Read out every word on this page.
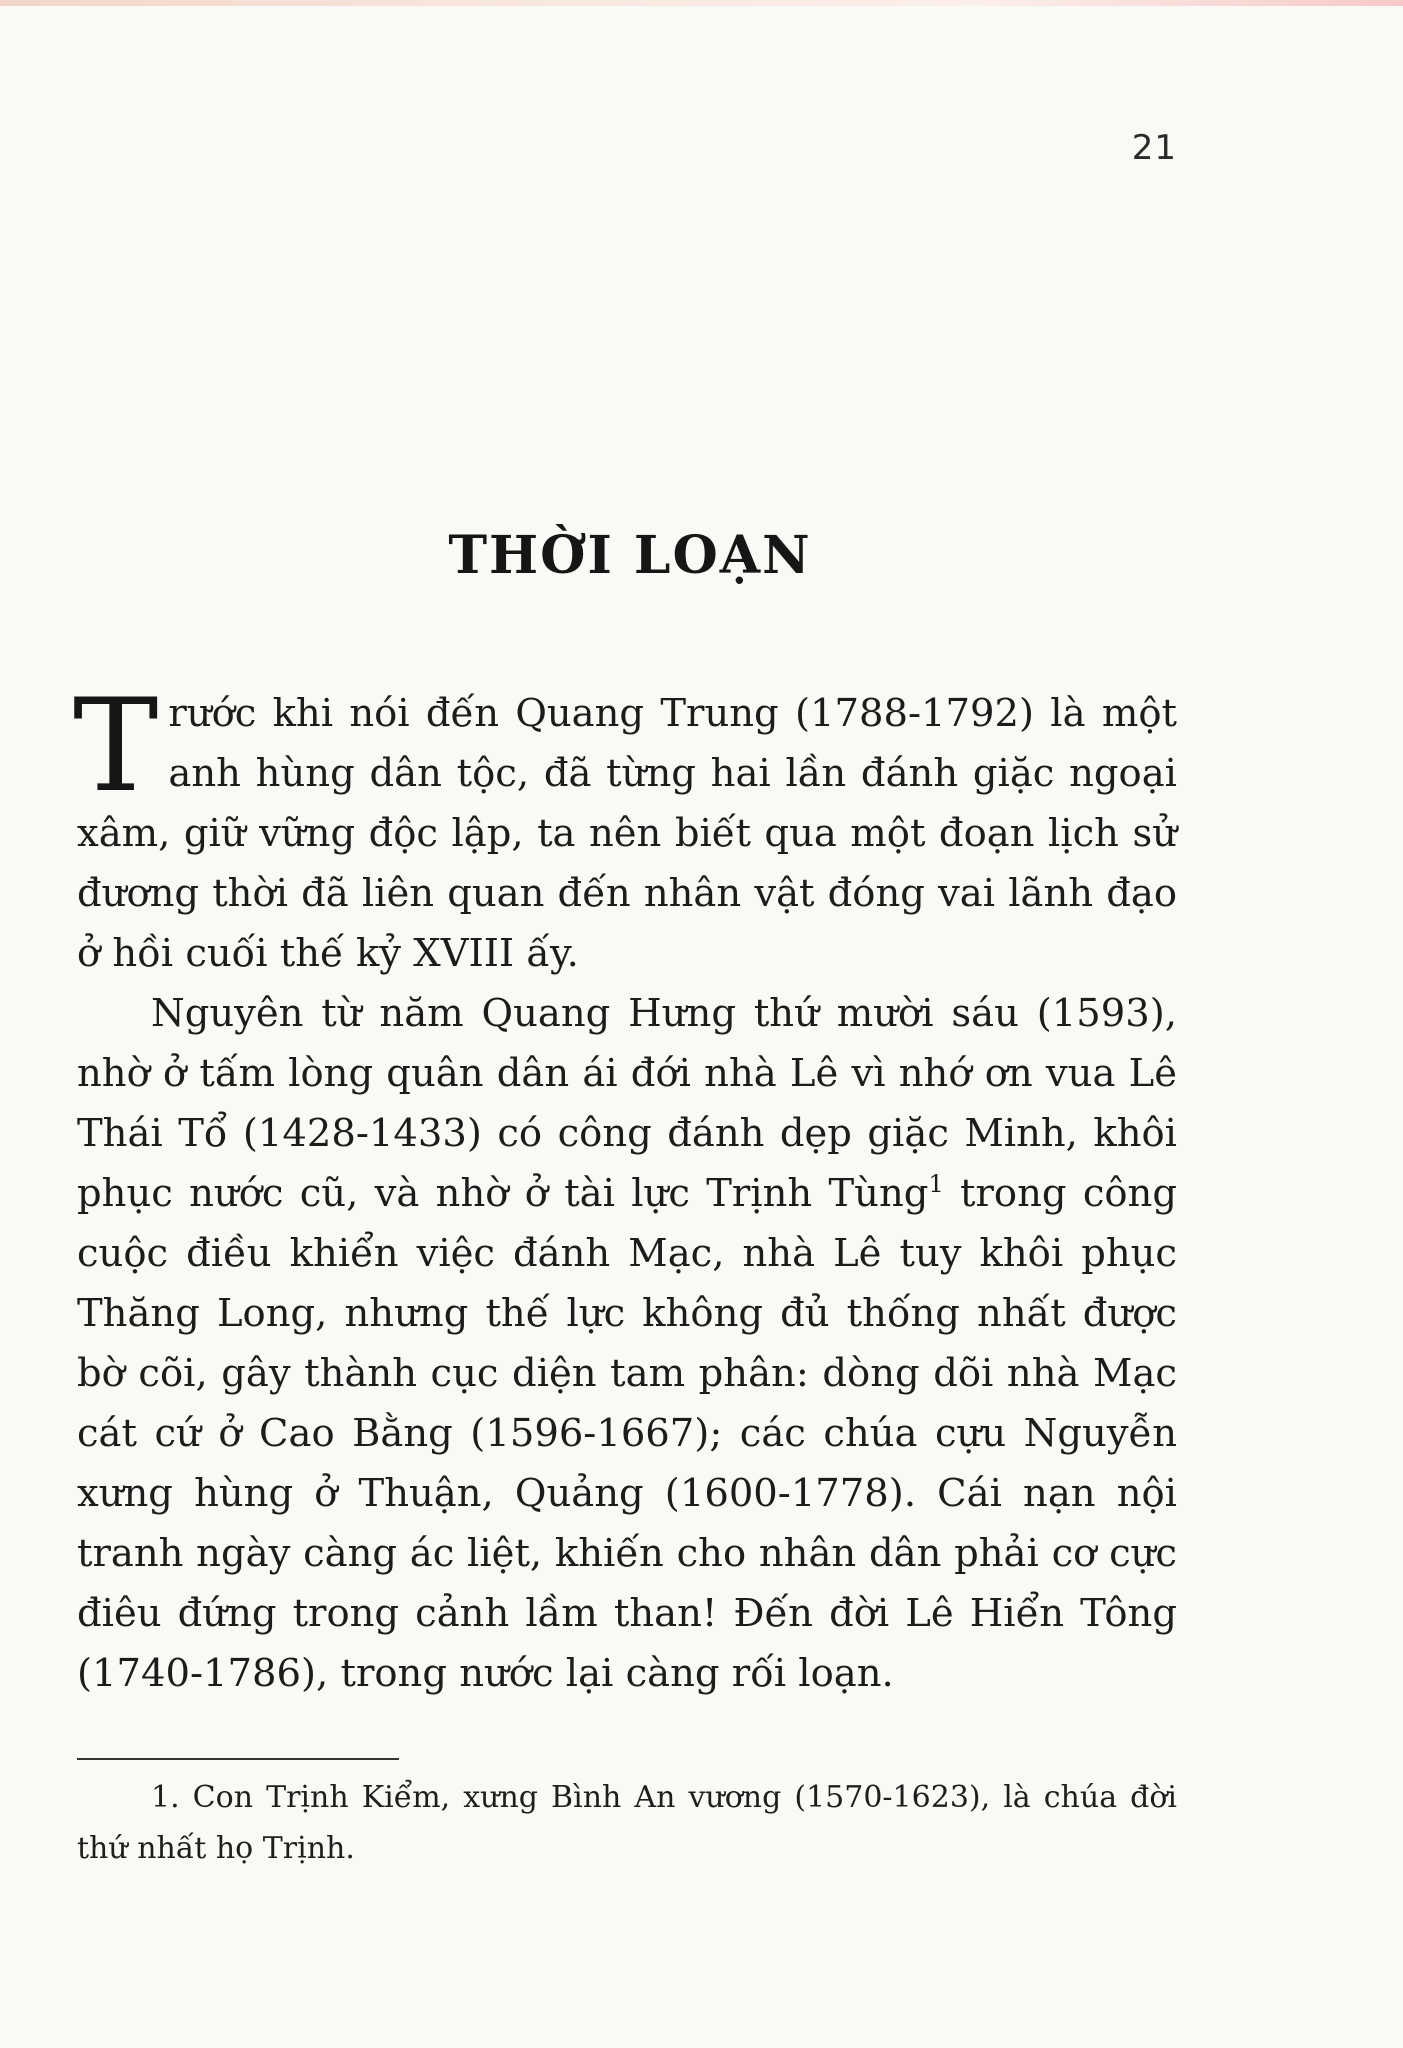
21
THỜI LOẠN

Trước khi nói đến Quang Trung (1788-1792) là một anh hùng dân tộc, đã từng hai lần đánh giặc ngoại xâm, giữ vững độc lập, ta nên biết qua một đoạn lịch sử đương thời đã liên quan đến nhân vật đóng vai lãnh đạo ở hồi cuối thế kỷ XVIII ấy.

Nguyên từ năm Quang Hưng thứ mười sáu (1593), nhờ ở tấm lòng quân dân ái đới nhà Lê vì nhớ ơn vua Lê Thái Tổ (1428-1433) có công đánh dẹp giặc Minh, khôi phục nước cũ, và nhờ ở tài lực Trịnh Tùng$^1$ trong công cuộc điều khiển việc đánh Mạc, nhà Lê tuy khôi phục Thăng Long, nhưng thế lực không đủ thống nhất được bờ cõi, gây thành cục diện tam phân: dòng dõi nhà Mạc cát cứ ở Cao Bằng (1596-1667); các chúa cựu Nguyễn xưng hùng ở Thuận, Quảng (1600-1778). Cái nạn nội tranh ngày càng ác liệt, khiến cho nhân dân phải cơ cực điêu đứng trong cảnh lầm than! Đến đời Lê Hiển Tông (1740-1786), trong nước lại càng rối loạn.

1. Con Trịnh Kiểm, xưng Bình An vương (1570-1623), là chúa đời thứ nhất họ Trịnh.
